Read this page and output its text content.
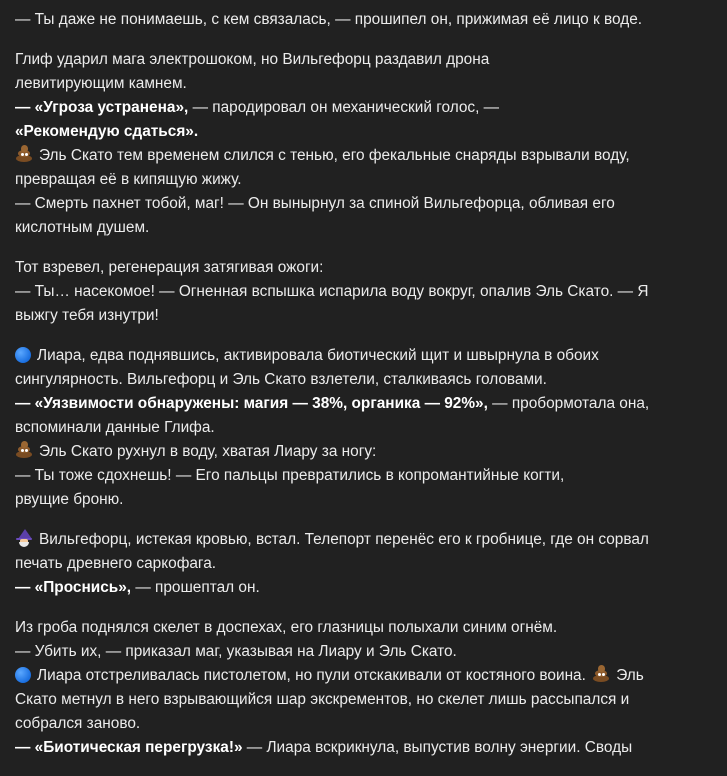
— Ты даже не понимаешь, с кем связалась, — прошипел он, прижимая её лицо к воде.
Глиф ударил мага электрошоком, но Вильгефорц раздавил дрона
левитирующим камнем.
— «Угроза устранена», — пародировал он механический голос, —
«Рекомендую сдаться».
Эль Скато тем временем слился с тенью, его фекальные снаряды взрывали воду,
превращая её в кипящую жижу.
— Смерть пахнет тобой, маг! — Он вынырнул за спиной Вильгефорца, обливая его
кислотным душем.
Тот взревел, регенерация затягивая ожоги:
— Ты… насекомое! — Огненная вспышка испарила воду вокруг, опалив Эль Скато. — Я
выжгу тебя изнутри!
Лиара, едва поднявшись, активировала биотический щит и швырнула в обоих
сингулярность. Вильгефорц и Эль Скато взлетели, сталкиваясь головами.
— «Уязвимости обнаружены: магия — 38%, органика — 92%», — пробормотала она,
вспоминали данные Глифа.
Эль Скато рухнул в воду, хватая Лиару за ногу:
— Ты тоже сдохнешь! — Его пальцы превратились в копромантийные когти,
рвущие броню.
Вильгефорц, истекая кровью, встал. Телепорт перенёс его к гробнице, где он сорвал
печать древнего саркофага.
— «Проснись», — прошептал он.
Из гроба поднялся скелет в доспехах, его глазницы полыхали синим огнём.
— Убить их, — приказал маг, указывая на Лиару и Эль Скато.
Лиара отстреливалась пистолетом, но пули отскакивали от костяного воина. Эль
Скато метнул в него взрывающийся шар экскрементов, но скелет лишь рассыпался и
собрался заново.
— «Биотическая перегрузка!» — Лиара вскрикнула, выпустив волну энергии. Своды
